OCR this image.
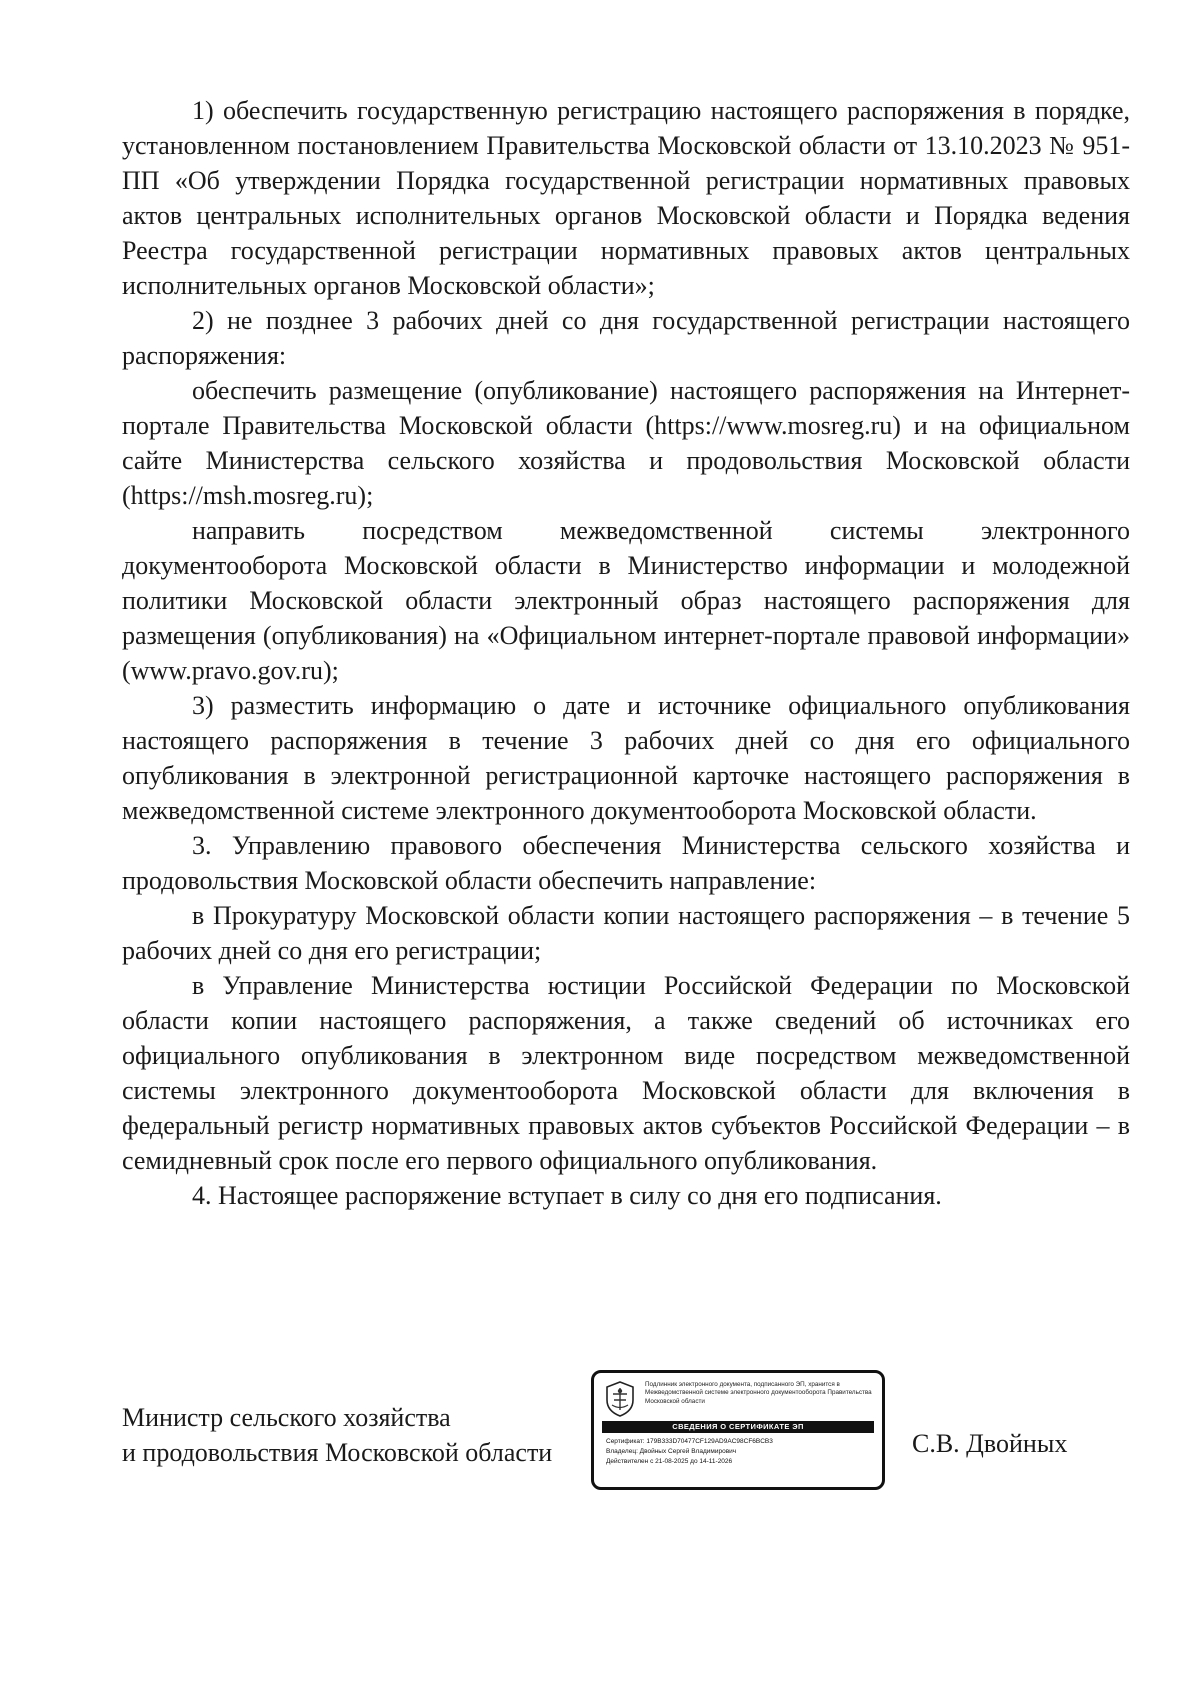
1) обеспечить государственную регистрацию настоящего распоряжения в порядке, установленном постановлением Правительства Московской области от 13.10.2023 № 951-ПП «Об утверждении Порядка государственной регистрации нормативных правовых актов центральных исполнительных органов Московской области и Порядка ведения Реестра государственной регистрации нормативных правовых актов центральных исполнительных органов Московской области»;

2) не позднее 3 рабочих дней со дня государственной регистрации настоящего распоряжения:

обеспечить размещение (опубликование) настоящего распоряжения на Интернет-портале Правительства Московской области (https://www.mosreg.ru) и на официальном сайте Министерства сельского хозяйства и продовольствия Московской области (https://msh.mosreg.ru);

направить посредством межведомственной системы электронного документооборота Московской области в Министерство информации и молодежной политики Московской области электронный образ настоящего распоряжения для размещения (опубликования) на «Официальном интернет-портале правовой информации» (www.pravo.gov.ru);

3) разместить информацию о дате и источнике официального опубликования настоящего распоряжения в течение 3 рабочих дней со дня его официального опубликования в электронной регистрационной карточке настоящего распоряжения в межведомственной системе электронного документооборота Московской области.

3. Управлению правового обеспечения Министерства сельского хозяйства и продовольствия Московской области обеспечить направление:

в Прокуратуру Московской области копии настоящего распоряжения – в течение 5 рабочих дней со дня его регистрации;

в Управление Министерства юстиции Российской Федерации по Московской области копии настоящего распоряжения, а также сведений об источниках его официального опубликования в электронном виде посредством межведомственной системы электронного документооборота Московской области для включения в федеральный регистр нормативных правовых актов субъектов Российской Федерации – в семидневный срок после его первого официального опубликования.

4. Настоящее распоряжение вступает в силу со дня его подписания.

Министр сельского хозяйства
и продовольствия Московской области
Подлинник электронного документа, подписанного ЭП, хранится в Межведомственной системе электронного документооборота Правительства Московской области
СВЕДЕНИЯ О СЕРТИФИКАТЕ ЭП
Сертификат: 179B333D70477CF129AD9AC98CF6BCB3
Владелец: Двойных Сергей Владимирович
Действителен с 21-08-2025 до 14-11-2026
С.В. Двойных
